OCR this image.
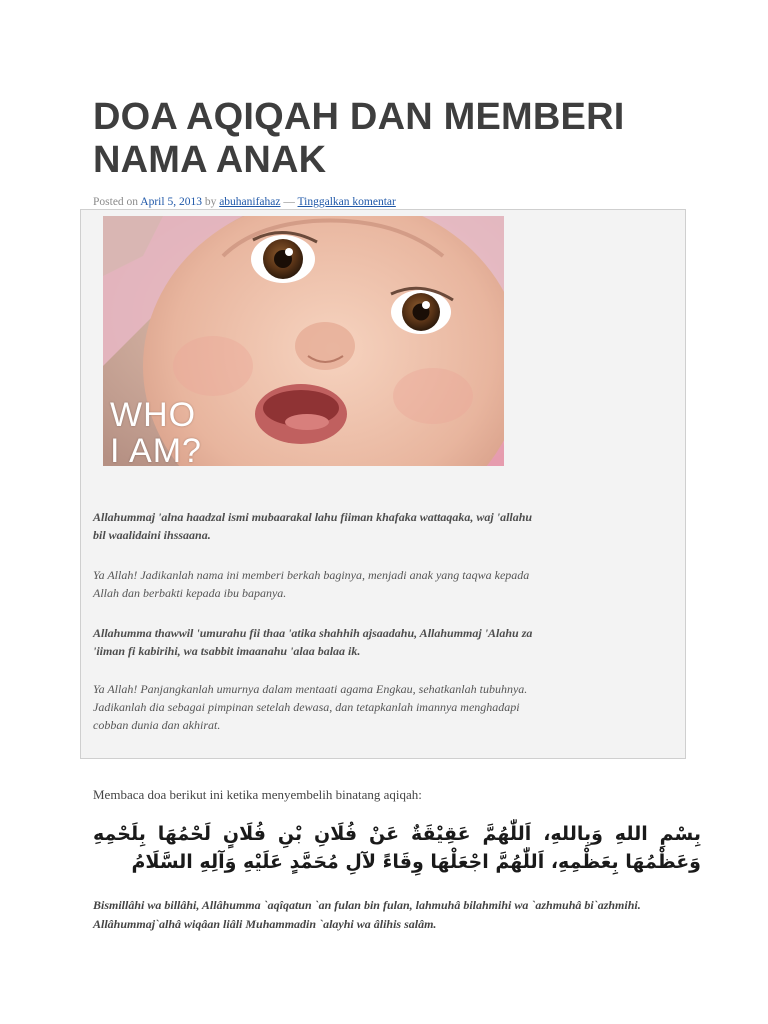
DOA AQIQAH DAN MEMBERI NAMA ANAK
Posted on April 5, 2013 by abuhanifahaz — Tinggalkan komentar
WHO
I AM?

Allahummaj 'alna haadzal ismi mubaarakal lahu fiiman khafaka wattaqaka, waj 'allahu bil waalidaini ihssaana.

Ya Allah! Jadikanlah nama ini memberi berkah baginya, menjadi anak yang taqwa kepada Allah dan berbakti kepada ibu bapanya.

Allahumma thawwil 'umurahu fii thaa 'atika shahhih ajsaadahu, Allahummaj 'Alahu za 'iiman fi kabirihi, wa tsabbit imaanahu 'alaa balaa ik.

Ya Allah! Panjangkanlah umurnya dalam mentaati agama Engkau, sehatkanlah tubuhnya. Jadikanlah dia sebagai pimpinan setelah dewasa, dan tetapkanlah imannya menghadapi cobban dunia dan akhirat.

Membaca doa berikut ini ketika menyembelih binatang aqiqah:

بِسْمِ اللهِ وَبِاللهِ، اَللّٰهُمَّ عَقِيْقَةٌ عَنْ فُلَانِ بْنِ فُلَانٍ لَحْمُهَا بِلَحْمِهِ وَعَظْمُهَا بِعَظْمِهِ، اَللّٰهُمَّ اجْعَلْهَا وِقَاءً لآلِ مُحَمَّدٍ عَلَيْهِ وَآلِهِ السَّلَامُ

Bismillâhi wa billâhi, Allâhumma `aqîqatun `an fulan bin fulan, lahmuhâ bilahmihi wa `azhmuhâ bi`azhmihi. Allâhummaj`alhâ wiqâan liâli Muhammadin `alayhi wa âlihis salâm.
